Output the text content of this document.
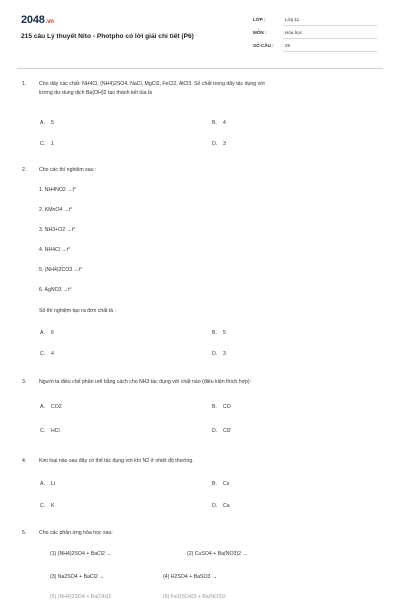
2048.vn
215 câu Lý thuyết Nito - Photpho có lời giải chi tiết (P6)
LỚP :	Lớp 11
MÔN :	Hóa học
SỐ CÂU : 25
1. Cho dãy các chất: NH4Cl, (NH4)2SO4, NaCl, MgCl2, FeCl2, AlCl3. Số chất trong dãy tác dụng với
lượng dư dung dịch Ba(OH)2 tạo thành kết tủa là
A. 5	B. 4
C. 1	D. 3
2. Cho các thí nghiệm sau :
1. NH4NO2 →t°
2. KMnO4 →t°
3. NH3+O2 →t°
4. NH4Cl →t°
5. (NH4)2CO3 →t°
6. AgNO3 →t°
Số thí nghiệm tạo ra đơn chất là :
A. 6	B. 5
C. 4	D. 3
3. Người ta điều chế phân urê bằng cách cho NH3 tác dụng với chất nào (điều kiện thích hợp):
A. CO2	B. CO
C. HCl	D. Cl2
4. Kim loại nào sau đây có thể tác dụng với khí N2 ở nhiệt độ thường.
A. Li	B. Cs
C. K	D. Ca
5. Cho các phản ứng hóa học sau:
(1) (NH4)2SO4 + BaCl2 →	(2) CuSO4 + Ba(NO3)2 →
(3) Na2SO4 + BaCl2 →	(4) H2SO4 + BaSO3 →
(5) (NH4)2SO4 + Ba(OH)2	(6) Fe2(SO4)3 + Ba(NO3)2
